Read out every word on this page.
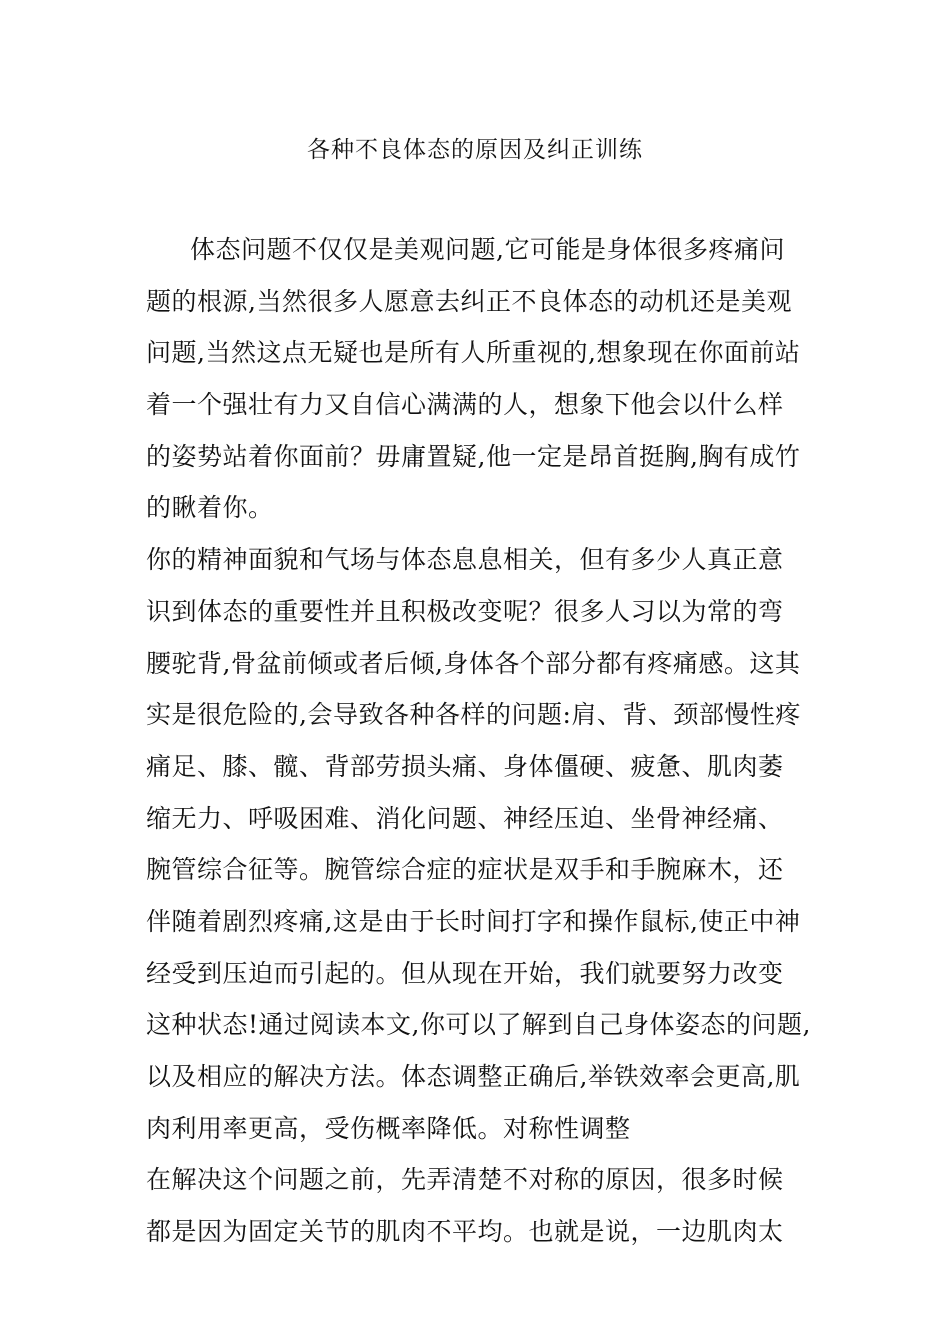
各种不良体态的原因及纠正训练
体态问题不仅仅是美观问题,它可能是身体很多疼痛问
题的根源,当然很多人愿意去纠正不良体态的动机还是美观
问题,当然这点无疑也是所有人所重视的,想象现在你面前站
着一个强壮有力又自信心满满的人，想象下他会以什么样
的姿势站着你面前？毋庸置疑,他一定是昂首挺胸,胸有成竹
的瞅着你。
你的精神面貌和气场与体态息息相关，但有多少人真正意
识到体态的重要性并且积极改变呢？很多人习以为常的弯
腰驼背,骨盆前倾或者后倾,身体各个部分都有疼痛感。这其
实是很危险的,会导致各种各样的问题:肩、背、颈部慢性疼
痛足、膝、髋、背部劳损头痛、身体僵硬、疲惫、肌肉萎
缩无力、呼吸困难、消化问题、神经压迫、坐骨神经痛、
腕管综合征等。腕管综合症的症状是双手和手腕麻木，还
伴随着剧烈疼痛,这是由于长时间打字和操作鼠标,使正中神
经受到压迫而引起的。但从现在开始，我们就要努力改变
这种状态!通过阅读本文,你可以了解到自己身体姿态的问题,
以及相应的解决方法。体态调整正确后,举铁效率会更高,肌
肉利用率更高，受伤概率降低。对称性调整
在解决这个问题之前，先弄清楚不对称的原因，很多时候
都是因为固定关节的肌肉不平均。也就是说，一边肌肉太
